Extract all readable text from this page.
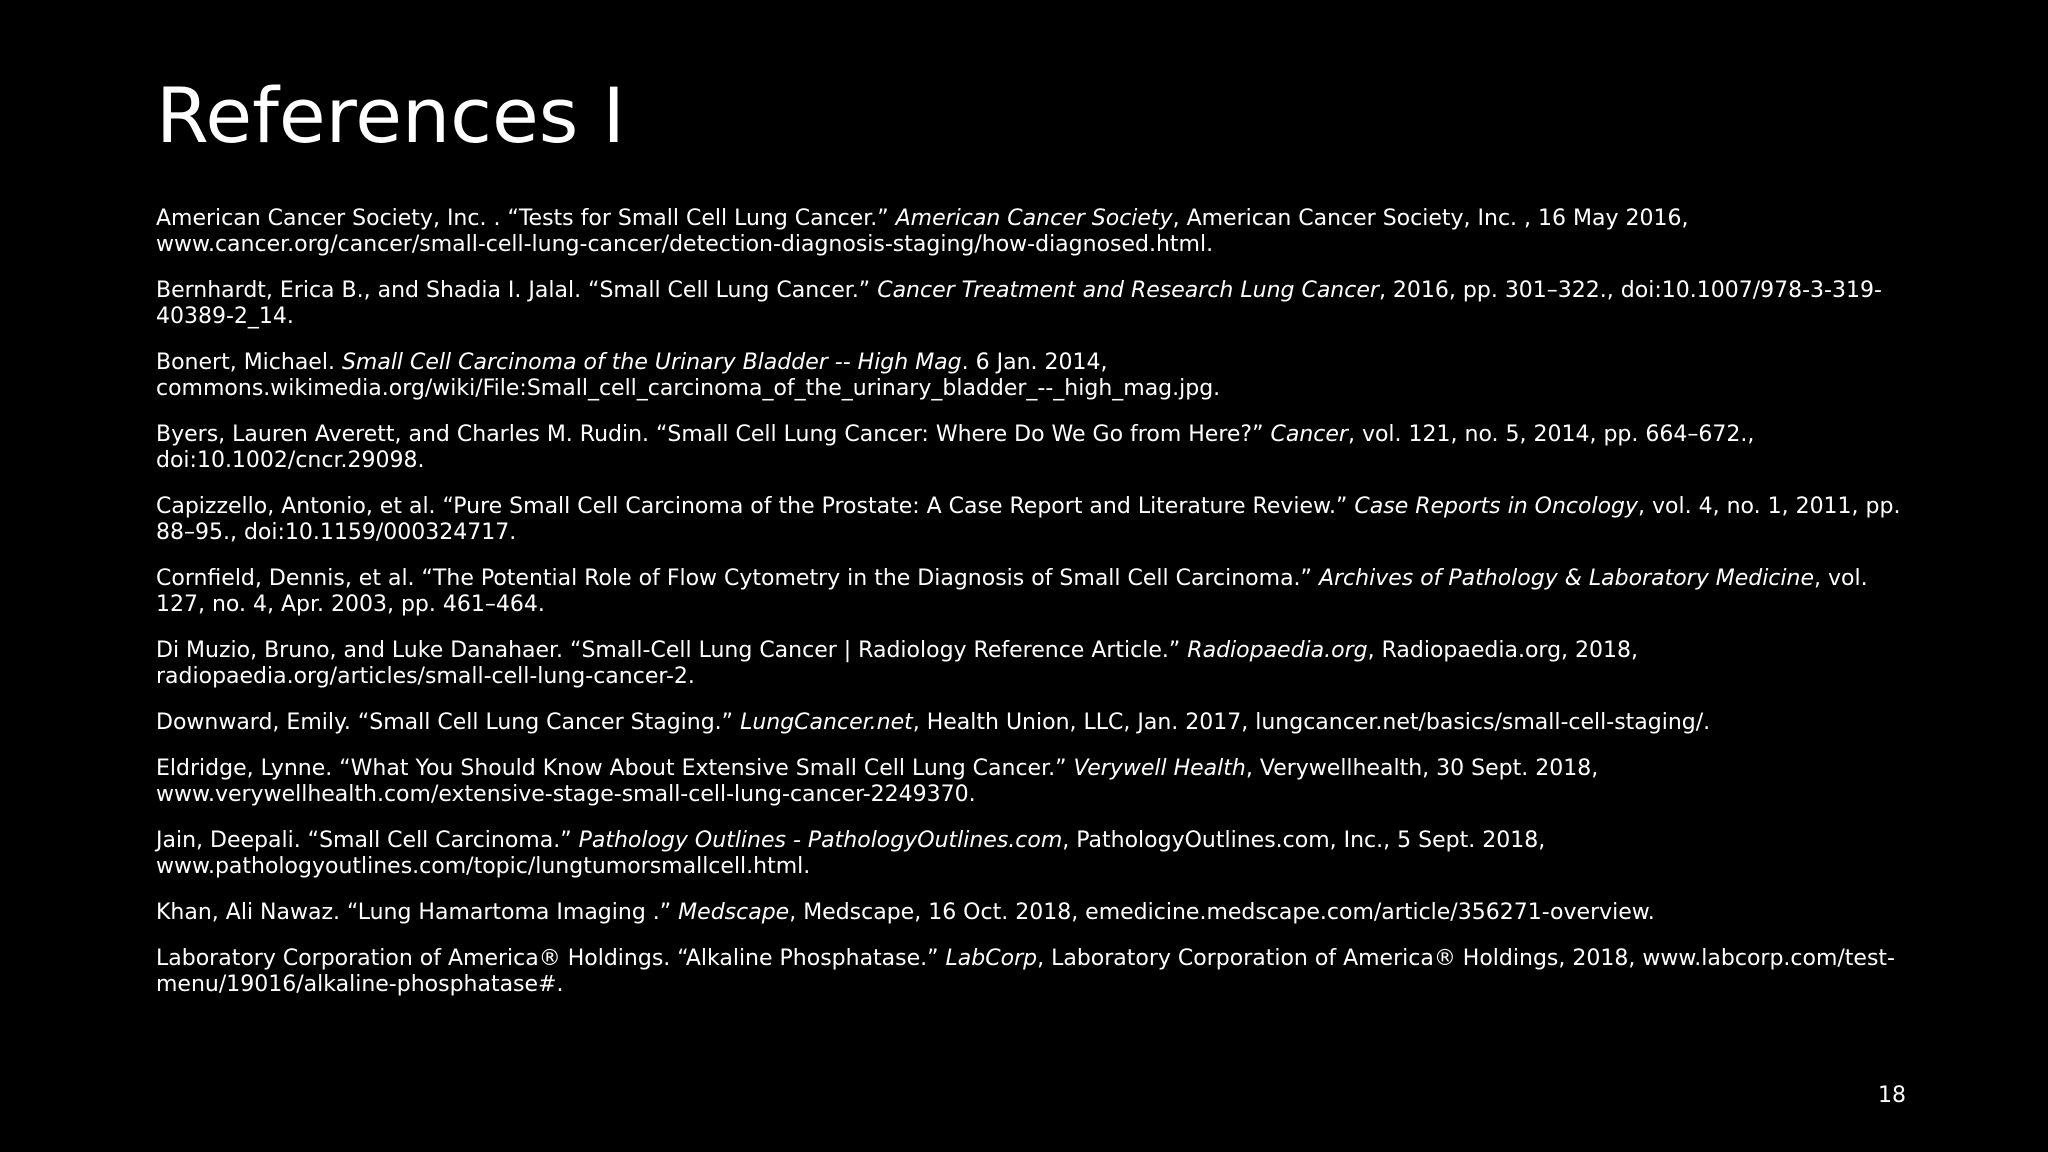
References I
American Cancer Society, Inc. . “Tests for Small Cell Lung Cancer.” American Cancer Society, American Cancer Society, Inc. , 16 May 2016, www.cancer.org/cancer/small-cell-lung-cancer/detection-diagnosis-staging/how-diagnosed.html.
Bernhardt, Erica B., and Shadia I. Jalal. “Small Cell Lung Cancer.” Cancer Treatment and Research Lung Cancer, 2016, pp. 301–322., doi:10.1007/978-3-319-40389-2_14.
Bonert, Michael. Small Cell Carcinoma of the Urinary Bladder -- High Mag. 6 Jan. 2014, commons.wikimedia.org/wiki/File:Small_cell_carcinoma_of_the_urinary_bladder_--_high_mag.jpg.
Byers, Lauren Averett, and Charles M. Rudin. “Small Cell Lung Cancer: Where Do We Go from Here?” Cancer, vol. 121, no. 5, 2014, pp. 664–672., doi:10.1002/cncr.29098.
Capizzello, Antonio, et al. “Pure Small Cell Carcinoma of the Prostate: A Case Report and Literature Review.” Case Reports in Oncology, vol. 4, no. 1, 2011, pp. 88–95., doi:10.1159/000324717.
Cornfield, Dennis, et al. “The Potential Role of Flow Cytometry in the Diagnosis of Small Cell Carcinoma.” Archives of Pathology & Laboratory Medicine, vol. 127, no. 4, Apr. 2003, pp. 461–464.
Di Muzio, Bruno, and Luke Danahaer. “Small-Cell Lung Cancer | Radiology Reference Article.” Radiopaedia.org, Radiopaedia.org, 2018, radiopaedia.org/articles/small-cell-lung-cancer-2.
Downward, Emily. “Small Cell Lung Cancer Staging.” LungCancer.net, Health Union, LLC, Jan. 2017, lungcancer.net/basics/small-cell-staging/.
Eldridge, Lynne. “What You Should Know About Extensive Small Cell Lung Cancer.” Verywell Health, Verywellhealth, 30 Sept. 2018, www.verywellhealth.com/extensive-stage-small-cell-lung-cancer-2249370.
Jain, Deepali. “Small Cell Carcinoma.” Pathology Outlines - PathologyOutlines.com, PathologyOutlines.com, Inc., 5 Sept. 2018, www.pathologyoutlines.com/topic/lungtumorsmallcell.html.
Khan, Ali Nawaz. “Lung Hamartoma Imaging .” Medscape, Medscape, 16 Oct. 2018, emedicine.medscape.com/article/356271-overview.
Laboratory Corporation of America® Holdings. “Alkaline Phosphatase.” LabCorp, Laboratory Corporation of America® Holdings, 2018, www.labcorp.com/test-menu/19016/alkaline-phosphatase#.
18
